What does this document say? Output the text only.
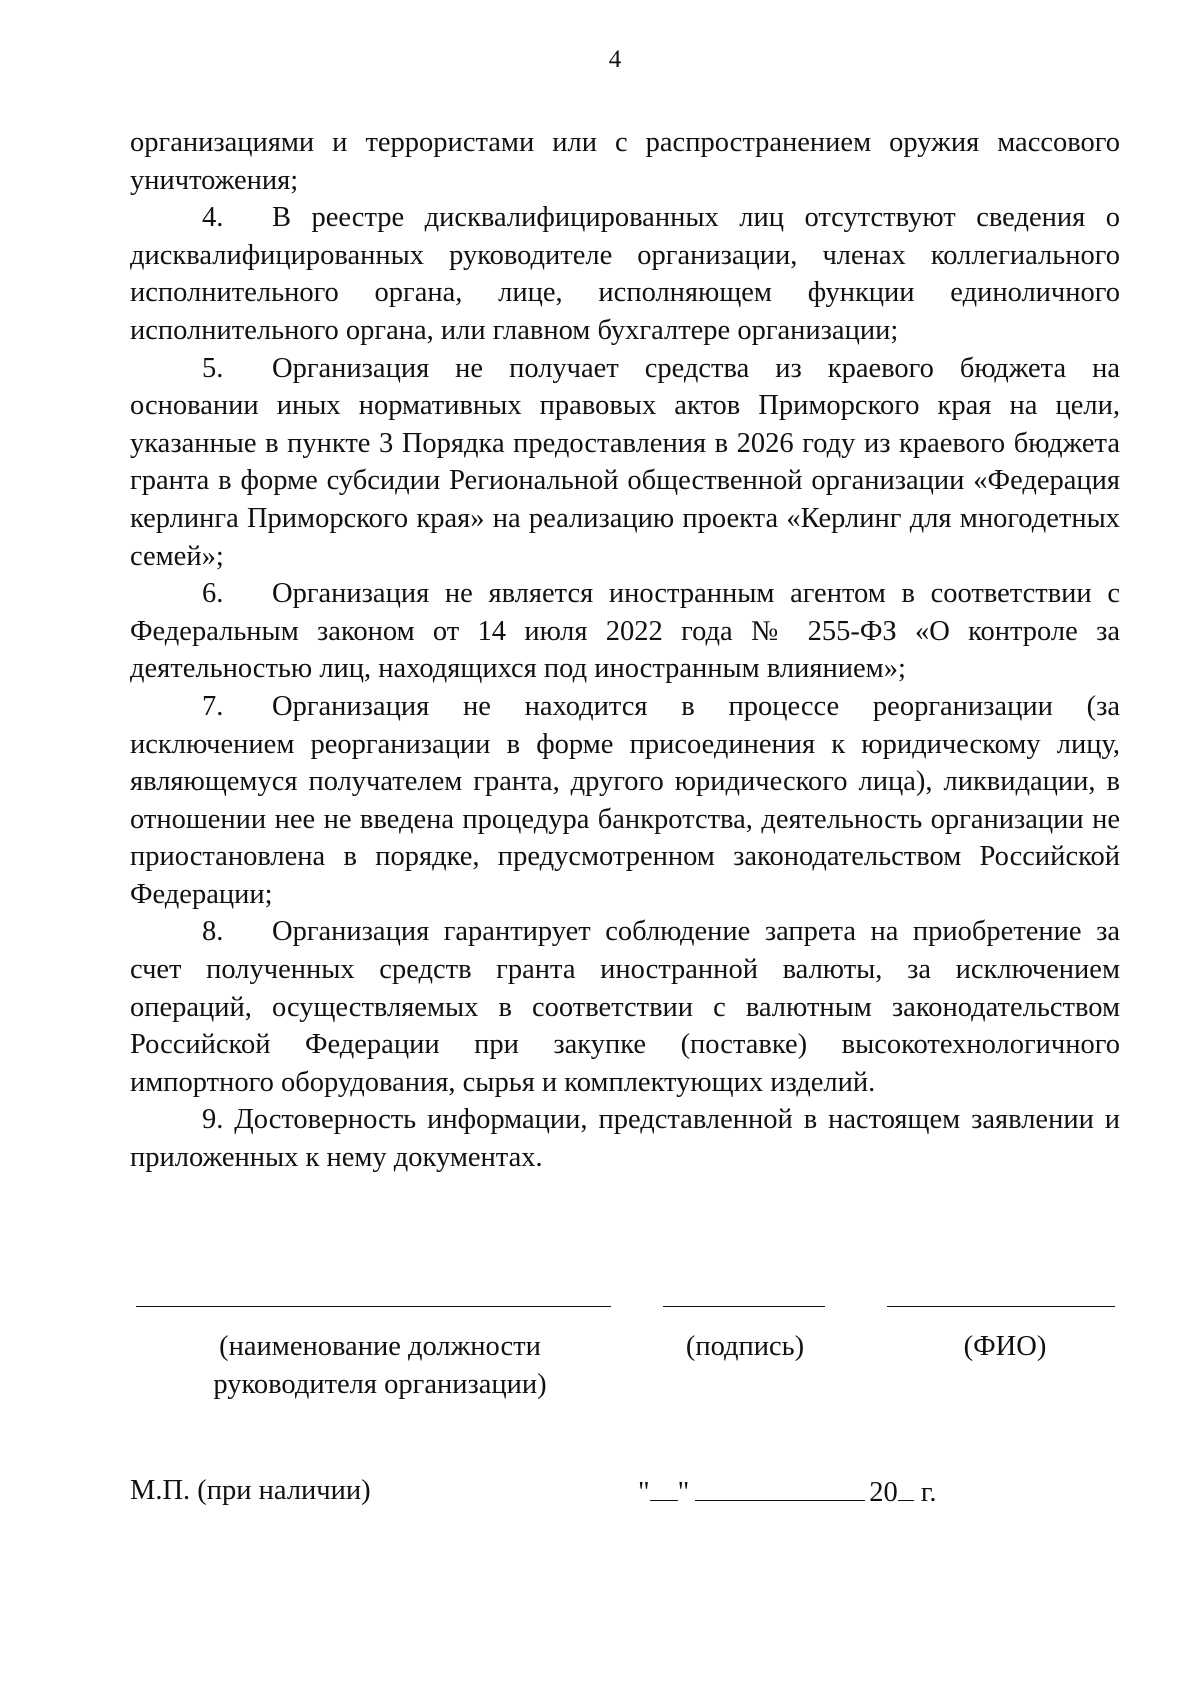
4

организациями и террористами или с распространением оружия массового уничтожения;

4. В реестре дисквалифицированных лиц отсутствуют сведения о дисквалифицированных руководителе организации, членах коллегиального исполнительного органа, лице, исполняющем функции единоличного исполнительного органа, или главном бухгалтере организации;

5. Организация не получает средства из краевого бюджета на основании иных нормативных правовых актов Приморского края на цели, указанные в пункте 3 Порядка предоставления в 2026 году из краевого бюджета гранта в форме субсидии Региональной общественной организации «Федерация керлинга Приморского края» на реализацию проекта «Керлинг для многодетных семей»;

6. Организация не является иностранным агентом в соответствии с Федеральным законом от 14 июля 2022 года № 255-ФЗ «О контроле за деятельностью лиц, находящихся под иностранным влиянием»;

7. Организация не находится в процессе реорганизации (за исключением реорганизации в форме присоединения к юридическому лицу, являющемуся получателем гранта, другого юридического лица), ликвидации, в отношении нее не введена процедура банкротства, деятельность организации не приостановлена в порядке, предусмотренном законодательством Российской Федерации;

8. Организация гарантирует соблюдение запрета на приобретение за счет полученных средств гранта иностранной валюты, за исключением операций, осуществляемых в соответствии с валютным законодательством Российской Федерации при закупке (поставке) высокотехнологичного импортного оборудования, сырья и комплектующих изделий.

9. Достоверность информации, представленной в настоящем заявлении и приложенных к нему документах.

(наименование должности
руководителя организации)
(подпись)	(ФИО)
М.П. (при наличии)	" "	20 г.
